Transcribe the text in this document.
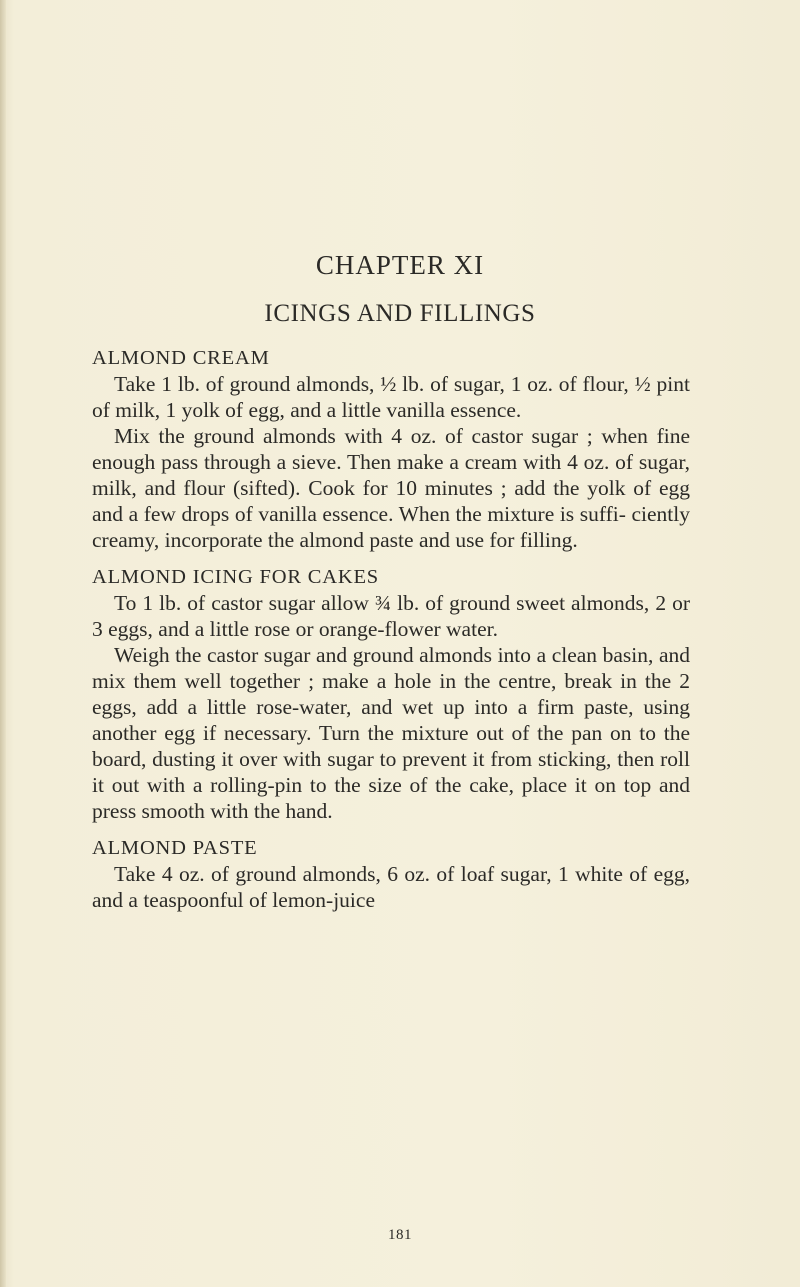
CHAPTER XI
ICINGS AND FILLINGS

ALMOND CREAM

Take 1 lb. of ground almonds, ½ lb. of sugar, 1 oz. of flour, ½ pint of milk, 1 yolk of egg, and a little vanilla essence.

Mix the ground almonds with 4 oz. of castor sugar ; when fine enough pass through a sieve. Then make a cream with 4 oz. of sugar, milk, and flour (sifted). Cook for 10 minutes ; add the yolk of egg and a few drops of vanilla essence. When the mixture is suffi- ciently creamy, incorporate the almond paste and use for filling.

ALMOND ICING FOR CAKES

To 1 lb. of castor sugar allow ¾ lb. of ground sweet almonds, 2 or 3 eggs, and a little rose or orange-flower water.

Weigh the castor sugar and ground almonds into a clean basin, and mix them well together ; make a hole in the centre, break in the 2 eggs, add a little rose-water, and wet up into a firm paste, using another egg if necessary. Turn the mixture out of the pan on to the board, dusting it over with sugar to prevent it from sticking, then roll it out with a rolling-pin to the size of the cake, place it on top and press smooth with the hand.

ALMOND PASTE

Take 4 oz. of ground almonds, 6 oz. of loaf sugar, 1 white of egg, and a teaspoonful of lemon-juice

181
